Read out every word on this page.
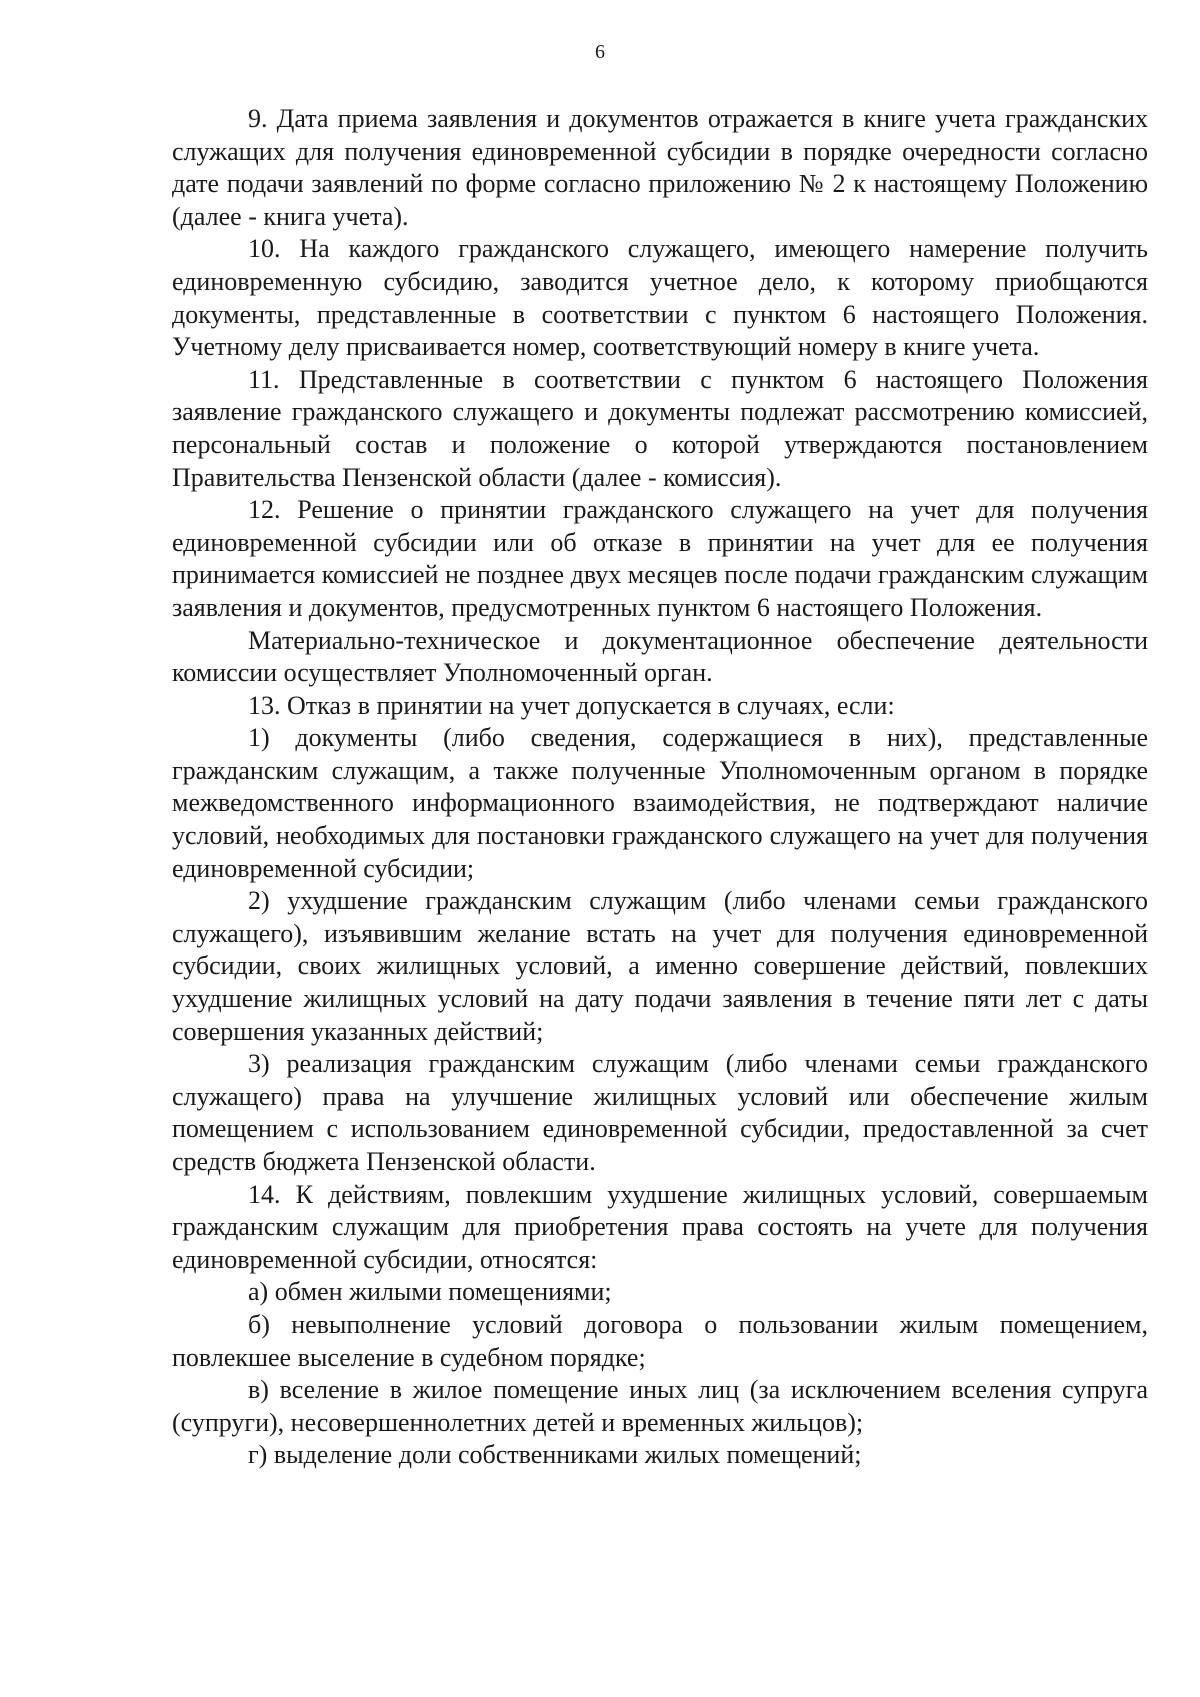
6

9. Дата приема заявления и документов отражается в книге учета гражданских служащих для получения единовременной субсидии в порядке очередности согласно дате подачи заявлений по форме согласно приложению № 2 к настоящему Положению (далее - книга учета).

10. На каждого гражданского служащего, имеющего намерение получить единовременную субсидию, заводится учетное дело, к которому приобщаются документы, представленные в соответствии с пунктом 6 настоящего Положения. Учетному делу присваивается номер, соответствующий номеру в книге учета.

11. Представленные в соответствии с пунктом 6 настоящего Положения заявление гражданского служащего и документы подлежат рассмотрению комиссией, персональный состав и положение о которой утверждаются постановлением Правительства Пензенской области (далее - комиссия).

12. Решение о принятии гражданского служащего на учет для получения единовременной субсидии или об отказе в принятии на учет для ее получения принимается комиссией не позднее двух месяцев после подачи гражданским служащим заявления и документов, предусмотренных пунктом 6 настоящего Положения.

Материально-техническое и документационное обеспечение деятельности комиссии осуществляет Уполномоченный орган.

13. Отказ в принятии на учет допускается в случаях, если:

1) документы (либо сведения, содержащиеся в них), представленные гражданским служащим, а также полученные Уполномоченным органом в порядке межведомственного информационного взаимодействия, не подтверждают наличие условий, необходимых для постановки гражданского служащего на учет для получения единовременной субсидии;

2) ухудшение гражданским служащим (либо членами семьи гражданского служащего), изъявившим желание встать на учет для получения единовременной субсидии, своих жилищных условий, а именно совершение действий, повлекших ухудшение жилищных условий на дату подачи заявления в течение пяти лет с даты совершения указанных действий;

3) реализация гражданским служащим (либо членами семьи гражданского служащего) права на улучшение жилищных условий или обеспечение жилым помещением с использованием единовременной субсидии, предоставленной за счет средств бюджета Пензенской области.

14. К действиям, повлекшим ухудшение жилищных условий, совершаемым гражданским служащим для приобретения права состоять на учете для получения единовременной субсидии, относятся:

а) обмен жилыми помещениями;

б) невыполнение условий договора о пользовании жилым помещением, повлекшее выселение в судебном порядке;

в) вселение в жилое помещение иных лиц (за исключением вселения супруга (супруги), несовершеннолетних детей и временных жильцов);

г) выделение доли собственниками жилых помещений;
